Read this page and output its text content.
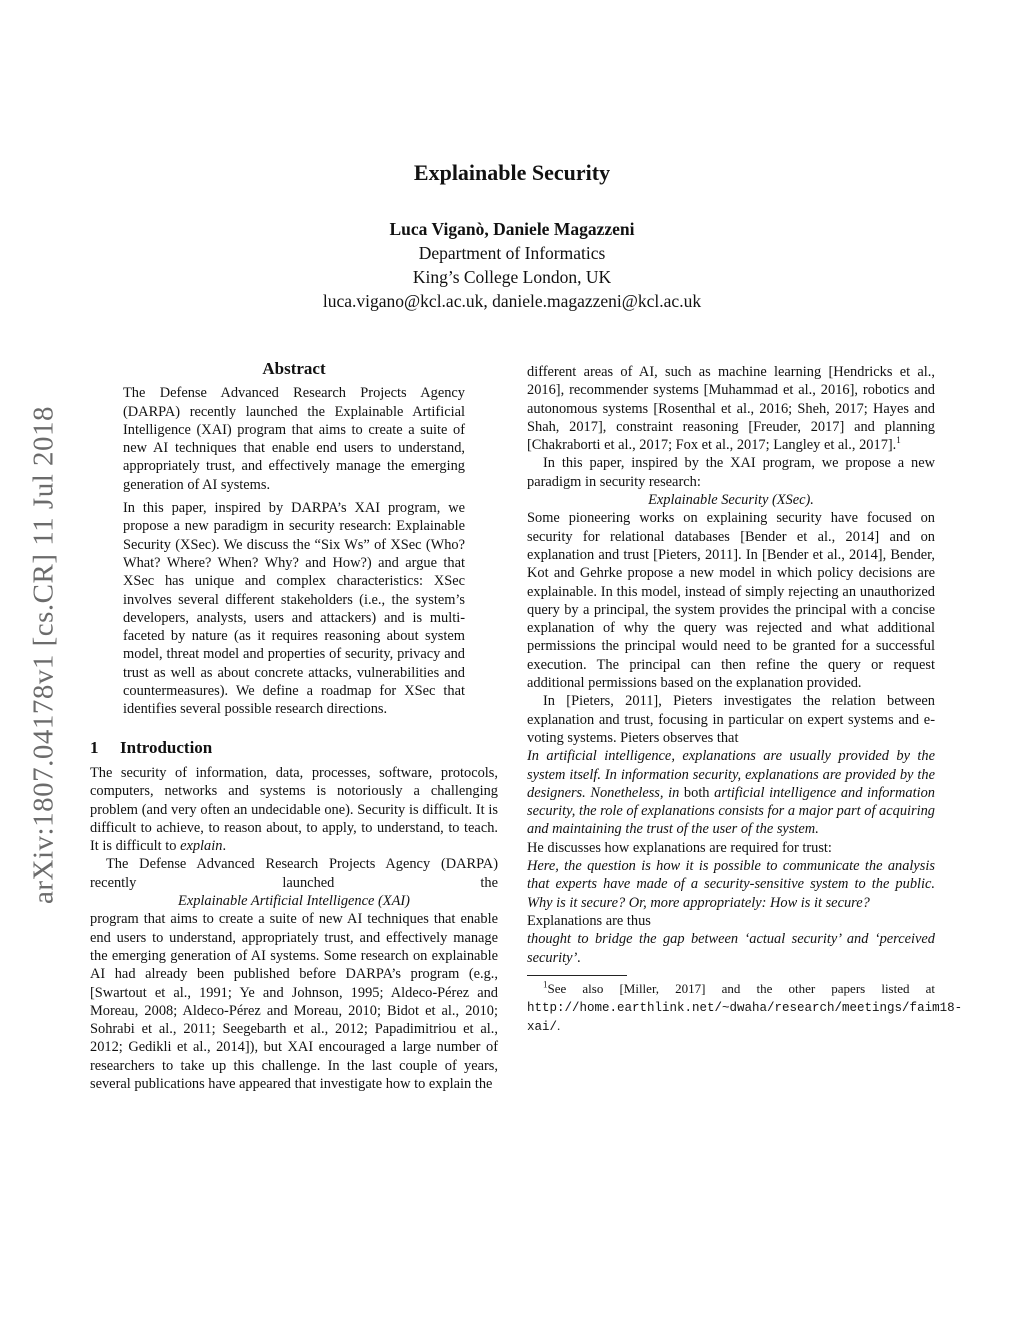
arXiv:1807.04178v1 [cs.CR] 11 Jul 2018
Explainable Security
Luca Viganò, Daniele Magazzeni
Department of Informatics
King’s College London, UK
luca.vigano@kcl.ac.uk, daniele.magazzeni@kcl.ac.uk
Abstract

The Defense Advanced Research Projects Agency (DARPA) recently launched the Explainable Artificial Intelligence (XAI) program that aims to create a suite of new AI techniques that enable end users to understand, appropriately trust, and effectively manage the emerging generation of AI systems.

In this paper, inspired by DARPA’s XAI program, we propose a new paradigm in security research: Explainable Security (XSec). We discuss the “Six Ws” of XSec (Who? What? Where? When? Why? and How?) and argue that XSec has unique and complex characteristics: XSec involves several different stakeholders (i.e., the system’s developers, analysts, users and attackers) and is multi-faceted by nature (as it requires reasoning about system model, threat model and properties of security, privacy and trust as well as about concrete attacks, vulnerabilities and countermeasures). We define a roadmap for XSec that identifies several possible research directions.

1 Introduction

The security of information, data, processes, software, protocols, computers, networks and systems is notoriously a challenging problem (and very often an undecidable one). Security is difficult. It is difficult to achieve, to reason about, to apply, to understand, to teach. It is difficult to explain.

The Defense Advanced Research Projects Agency (DARPA) recently launched the

Explainable Artificial Intelligence (XAI)

program that aims to create a suite of new AI techniques that enable end users to understand, appropriately trust, and effectively manage the emerging generation of AI systems. Some research on explainable AI had already been published before DARPA’s program (e.g., [Swartout et al., 1991; Ye and Johnson, 1995; Aldeco-Pérez and Moreau, 2008; Aldeco-Pérez and Moreau, 2010; Bidot et al., 2010; Sohrabi et al., 2011; Seegebarth et al., 2012; Papadimitriou et al., 2012; Gedikli et al., 2014]), but XAI encouraged a large number of researchers to take up this challenge. In the last couple of years, several publications have appeared that investigate how to explain the

different areas of AI, such as machine learning [Hendricks et al., 2016], recommender systems [Muhammad et al., 2016], robotics and autonomous systems [Rosenthal et al., 2016; Sheh, 2017; Hayes and Shah, 2017], constraint reasoning [Freuder, 2017] and planning [Chakraborti et al., 2017; Fox et al., 2017; Langley et al., 2017].$^1$

In this paper, inspired by the XAI program, we propose a new paradigm in security research:

Explainable Security (XSec).

Some pioneering works on explaining security have focused on security for relational databases [Bender et al., 2014] and on explanation and trust [Pieters, 2011]. In [Bender et al., 2014], Bender, Kot and Gehrke propose a new model in which policy decisions are explainable. In this model, instead of simply rejecting an unauthorized query by a principal, the system provides the principal with a concise explanation of why the query was rejected and what additional permissions the principal would need to be granted for a successful execution. The principal can then refine the query or request additional permissions based on the explanation provided.

In [Pieters, 2011], Pieters investigates the relation between explanation and trust, focusing in particular on expert systems and e-voting systems. Pieters observes that

In artificial intelligence, explanations are usually provided by the system itself. In information security, explanations are provided by the designers. Nonetheless, in both artificial intelligence and information security, the role of explanations consists for a major part of acquiring and maintaining the trust of the user of the system.

He discusses how explanations are required for trust:

Here, the question is how it is possible to communicate the analysis that experts have made of a security-sensitive system to the public. Why is it secure? Or, more appropriately: How is it secure?

Explanations are thus

thought to bridge the gap between ‘actual security’ and ‘perceived security’.

$^1$See also [Miller, 2017] and the other papers listed at http://home.earthlink.net/~dwaha/research/meetings/faim18-xai/.
